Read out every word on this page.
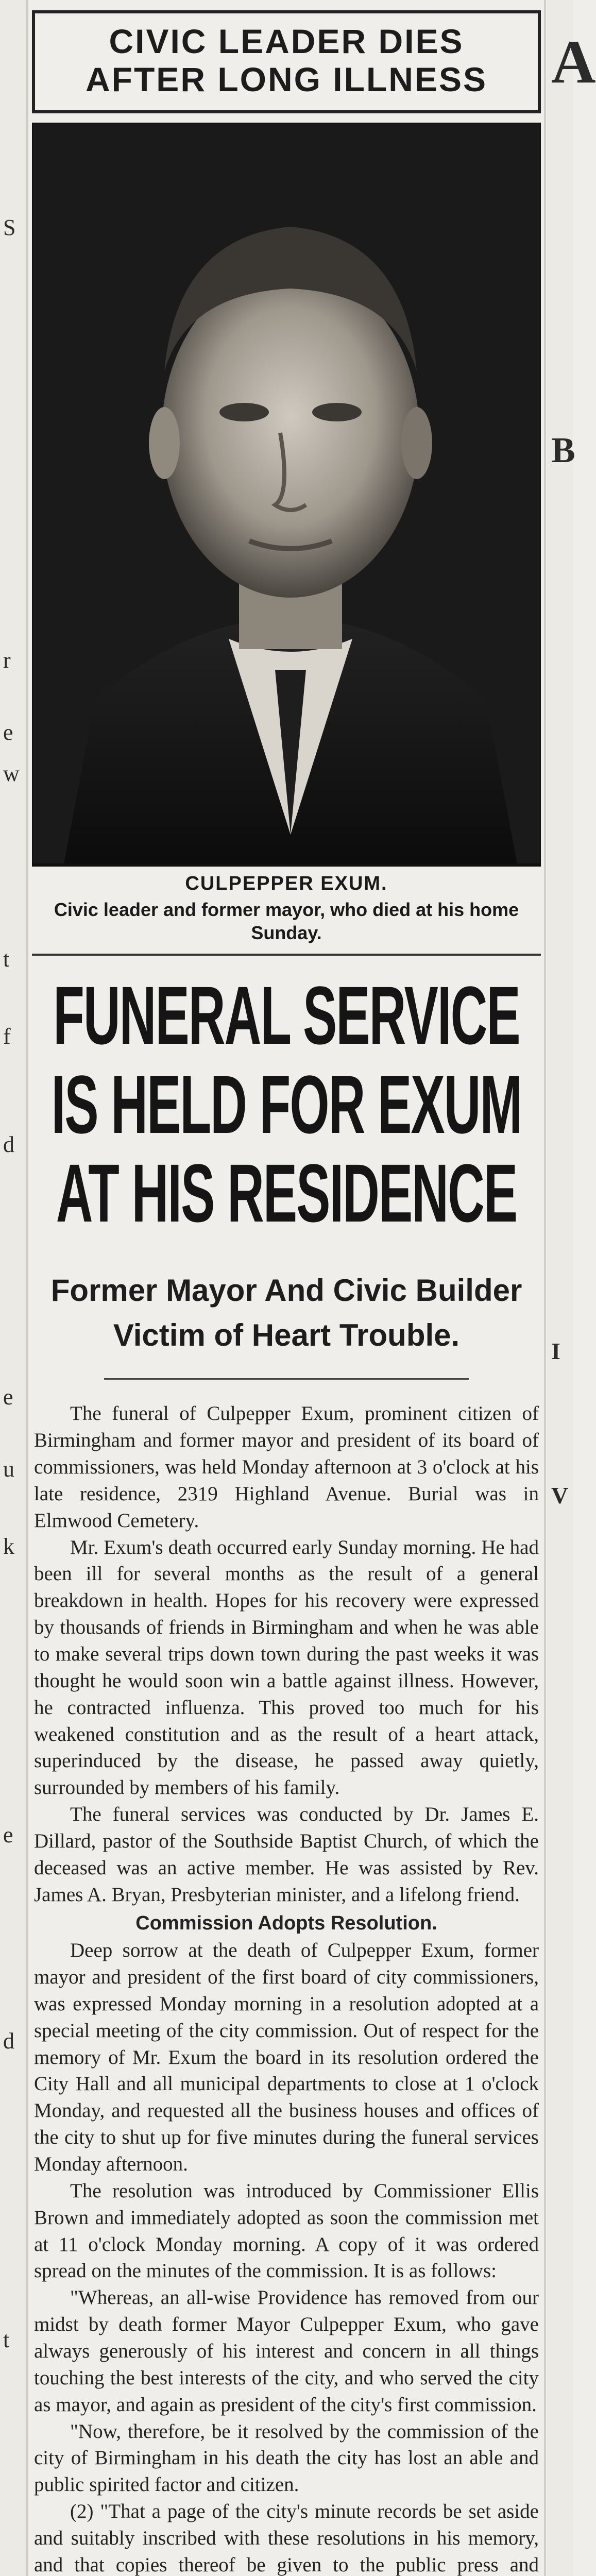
S
r
e
w
t
f
d
e
u
k
e
d
t
A
B
I
V
CIVIC LEADER DIES
AFTER LONG ILLNESS
CULPEPPER EXUM.
Civic leader and former mayor, who died at his home Sunday.
FUNERAL SERVICE
IS HELD FOR EXUM
AT HIS RESIDENCE
Former Mayor And Civic Builder Victim of Heart Trouble.

The funeral of Culpepper Exum, prominent citizen of Birmingham and former mayor and president of its board of commissioners, was held Monday afternoon at 3 o'clock at his late residence, 2319 Highland Avenue. Burial was in Elmwood Cemetery.

Mr. Exum's death occurred early Sunday morning. He had been ill for several months as the result of a general breakdown in health. Hopes for his recovery were expressed by thousands of friends in Birmingham and when he was able to make several trips down town during the past weeks it was thought he would soon win a battle against illness. However, he contracted influenza. This proved too much for his weakened constitution and as the result of a heart attack, superinduced by the disease, he passed away quietly, surrounded by members of his family.

The funeral services was conducted by Dr. James E. Dillard, pastor of the Southside Baptist Church, of which the deceased was an active member. He was assisted by Rev. James A. Bryan, Presbyterian minister, and a lifelong friend.

Commission Adopts Resolution.

Deep sorrow at the death of Culpepper Exum, former mayor and president of the first board of city commissioners, was expressed Monday morning in a resolution adopted at a special meeting of the city commission. Out of respect for the memory of Mr. Exum the board in its resolution ordered the City Hall and all municipal departments to close at 1 o'clock Monday, and requested all the business houses and offices of the city to shut up for five minutes during the funeral services Monday afternoon.

The resolution was introduced by Commissioner Ellis Brown and immediately adopted as soon the commission met at 11 o'clock Monday morning. A copy of it was ordered spread on the minutes of the commission. It is as follows:

"Whereas, an all-wise Providence has removed from our midst by death former Mayor Culpepper Exum, who gave always generously of his interest and concern in all things touching the best interests of the city, and who served the city as mayor, and again as president of the city's first commission.

"Now, therefore, be it resolved by the commission of the city of Birmingham in his death the city has lost an able and public spirited factor and citizen.

(2) "That a page of the city's minute records be set aside and suitably inscribed with these resolutions in his memory, and that copies thereof be given to the public press and
